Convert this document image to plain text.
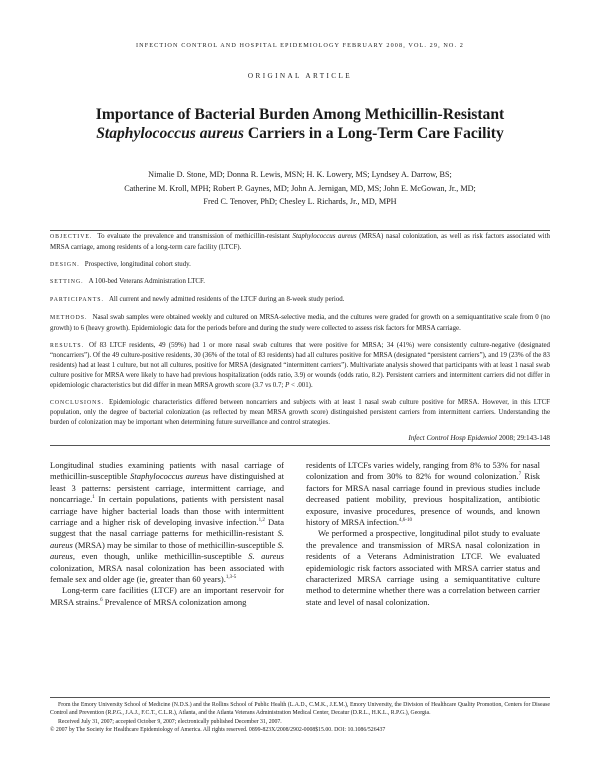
INFECTION CONTROL AND HOSPITAL EPIDEMIOLOGY FEBRUARY 2008, VOL. 29, NO. 2
ORIGINAL ARTICLE
Importance of Bacterial Burden Among Methicillin-Resistant
Staphylococcus aureus Carriers in a Long-Term Care Facility
Nimalie D. Stone, MD; Donna R. Lewis, MSN; H. K. Lowery, MS; Lyndsey A. Darrow, BS;
Catherine M. Kroll, MPH; Robert P. Gaynes, MD; John A. Jernigan, MD, MS; John E. McGowan, Jr., MD;
Fred C. Tenover, PhD; Chesley L. Richards, Jr., MD, MPH

OBJECTIVE. To evaluate the prevalence and transmission of methicillin-resistant Staphylococcus aureus (MRSA) nasal colonization, as well as risk factors associated with MRSA carriage, among residents of a long-term care facility (LTCF).

DESIGN. Prospective, longitudinal cohort study.

SETTING. A 100-bed Veterans Administration LTCF.

PARTICIPANTS. All current and newly admitted residents of the LTCF during an 8-week study period.

METHODS. Nasal swab samples were obtained weekly and cultured on MRSA-selective media, and the cultures were graded for growth on a semiquantitative scale from 0 (no growth) to 6 (heavy growth). Epidemiologic data for the periods before and during the study were collected to assess risk factors for MRSA carriage.

RESULTS. Of 83 LTCF residents, 49 (59%) had 1 or more nasal swab cultures that were positive for MRSA; 34 (41%) were consistently culture-negative (designated “noncarriers”). Of the 49 culture-positive residents, 30 (36% of the total of 83 residents) had all cultures positive for MRSA (designated “persistent carriers”), and 19 (23% of the 83 residents) had at least 1 culture, but not all cultures, positive for MRSA (designated “intermittent carriers”). Multivariate analysis showed that participants with at least 1 nasal swab culture positive for MRSA were likely to have had previous hospitalization (odds ratio, 3.9) or wounds (odds ratio, 8.2). Persistent carriers and intermittent carriers did not differ in epidemiologic characteristics but did differ in mean MRSA growth score (3.7 vs 0.7; P < .001).

CONCLUSIONS. Epidemiologic characteristics differed between noncarriers and subjects with at least 1 nasal swab culture positive for MRSA. However, in this LTCF population, only the degree of bacterial colonization (as reflected by mean MRSA growth score) distinguished persistent carriers from intermittent carriers. Understanding the burden of colonization may be important when determining future surveillance and control strategies.

Infect Control Hosp Epidemiol 2008; 29:143-148

Longitudinal studies examining patients with nasal carriage of methicillin-susceptible Staphylococcus aureus have distinguished at least 3 patterns: persistent carriage, intermittent carriage, and noncarriage.$^1$ In certain populations, patients with persistent nasal carriage have higher bacterial loads than those with intermittent carriage and a higher risk of developing invasive infection.$^{1,2}$ Data suggest that the nasal carriage patterns for methicillin-resistant S. aureus (MRSA) may be similar to those of methicillin-susceptible S. aureus, even though, unlike methicillin-susceptible S. aureus colonization, MRSA nasal colonization has been associated with female sex and older age (ie, greater than 60 years).$^{1,3-5}$

Long-term care facilities (LTCF) are an important reservoir for MRSA strains.$^6$ Prevalence of MRSA colonization among

residents of LTCFs varies widely, ranging from 8% to 53% for nasal colonization and from 30% to 82% for wound colonization.$^7$ Risk factors for MRSA nasal carriage found in previous studies include decreased patient mobility, previous hospitalization, antibiotic exposure, invasive procedures, presence of wounds, and known history of MRSA infection.$^{4,6-10}$

We performed a prospective, longitudinal pilot study to evaluate the prevalence and transmission of MRSA nasal colonization in residents of a Veterans Administration LTCF. We evaluated epidemiologic risk factors associated with MRSA carrier status and characterized MRSA carriage using a semiquantitative culture method to determine whether there was a correlation between carrier state and level of nasal colonization.

From the Emory University School of Medicine (N.D.S.) and the Rollins School of Public Health (L.A.D., C.M.K., J.E.M.), Emory University, the Division of Healthcare Quality Promotion, Centers for Disease Control and Prevention (R.P.G., J.A.J., F.C.T., C.L.R.), Atlanta, and the Atlanta Veterans Administration Medical Center, Decatur (D.R.L., H.K.L., R.P.G.), Georgia.

Received July 31, 2007; accepted October 9, 2007; electronically published December 31, 2007.

© 2007 by The Society for Healthcare Epidemiology of America. All rights reserved. 0899-823X/2008/2902-0008$15.00. DOI: 10.1086/526437
